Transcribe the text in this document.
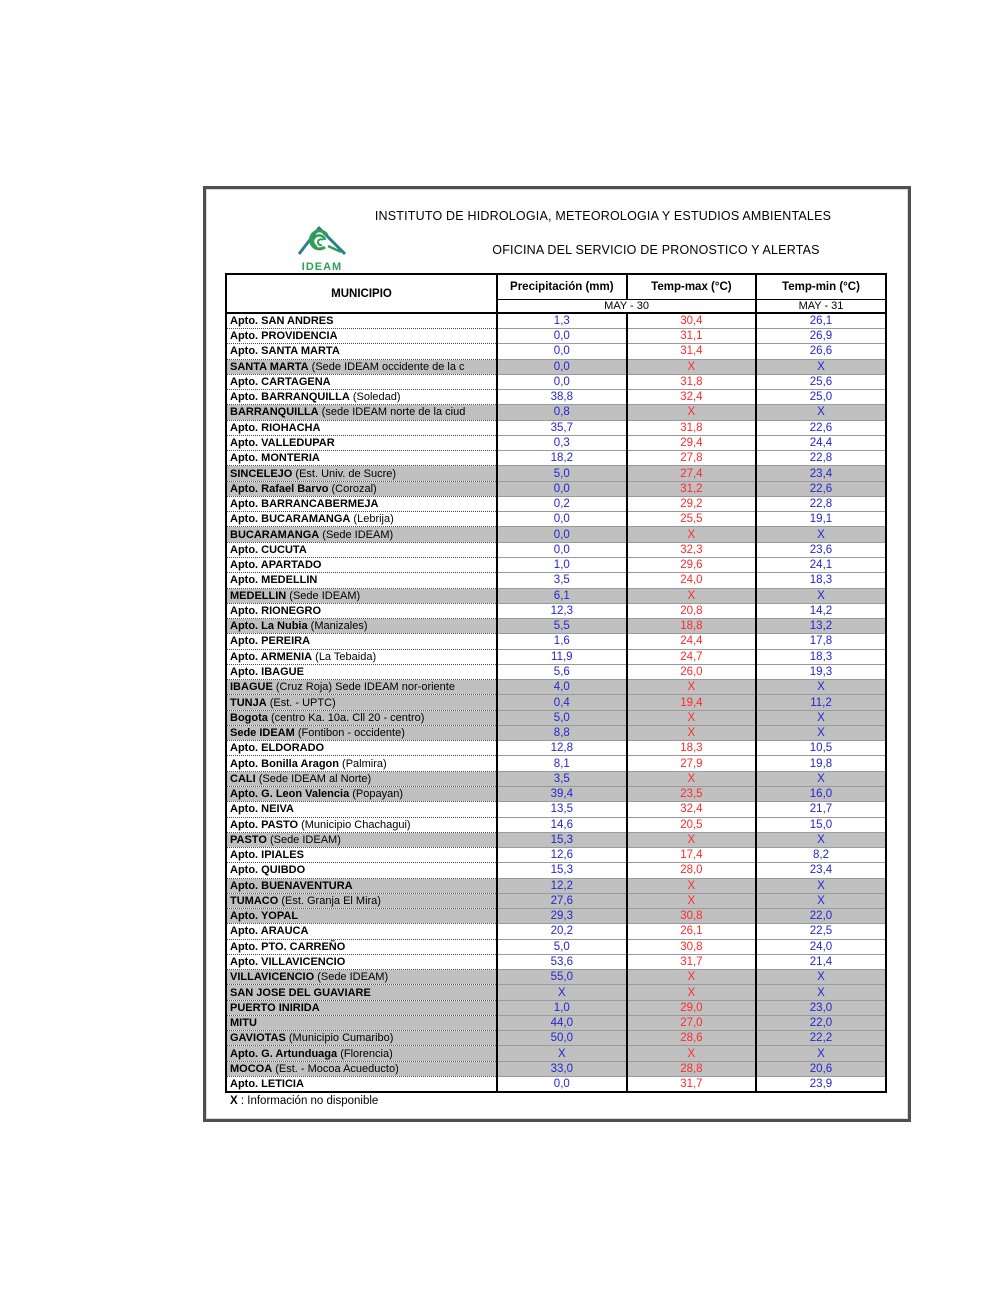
INSTITUTO DE HIDROLOGIA, METEOROLOGIA Y ESTUDIOS AMBIENTALES
IDEAM
OFICINA DEL SERVICIO DE PRONOSTICO Y ALERTAS
MUNICIPIO	Precipitación (mm)	Temp-max (°C)	Temp-min (°C)
	MAY - 30		MAY - 31
Apto. SAN ANDRES	1,3	30,4	26,1
Apto. PROVIDENCIA	0,0	31,1	26,9
Apto. SANTA MARTA	0,0	31,4	26,6
SANTA MARTA (Sede IDEAM occidente de la c	0,0	X	X
Apto. CARTAGENA	0,0	31,8	25,6
Apto. BARRANQUILLA (Soledad)	38,8	32,4	25,0
BARRANQUILLA (sede IDEAM norte de la ciud	0,8	X	X
Apto. RIOHACHA	35,7	31,8	22,6
Apto. VALLEDUPAR	0,3	29,4	24,4
Apto. MONTERIA	18,2	27,8	22,8
SINCELEJO (Est. Univ. de Sucre)	5,0	27,4	23,4
Apto. Rafael Barvo (Corozal)	0,0	31,2	22,6
Apto. BARRANCABERMEJA	0,2	29,2	22,8
Apto. BUCARAMANGA (Lebrija)	0,0	25,5	19,1
BUCARAMANGA (Sede IDEAM)	0,0	X	X
Apto. CUCUTA	0,0	32,3	23,6
Apto. APARTADO	1,0	29,6	24,1
Apto. MEDELLIN	3,5	24,0	18,3
MEDELLIN (Sede IDEAM)	6,1	X	X
Apto. RIONEGRO	12,3	20,8	14,2
Apto. La Nubia (Manizales)	5,5	18,8	13,2
Apto. PEREIRA	1,6	24,4	17,8
Apto. ARMENIA (La Tebaida)	11,9	24,7	18,3
Apto. IBAGUE	5,6	26,0	19,3
IBAGUE (Cruz Roja) Sede IDEAM nor-oriente	4,0	X	X
TUNJA (Est. - UPTC)	0,4	19,4	11,2
Bogota (centro Ka. 10a. Cll 20 - centro)	5,0	X	X
Sede IDEAM (Fontibon - occidente)	8,8	X	X
Apto. ELDORADO	12,8	18,3	10,5
Apto. Bonilla Aragon (Palmira)	8,1	27,9	19,8
CALI (Sede IDEAM al Norte)	3,5	X	X
Apto. G. Leon Valencia (Popayan)	39,4	23,5	16,0
Apto. NEIVA	13,5	32,4	21,7
Apto. PASTO (Municipio Chachagui)	14,6	20,5	15,0
PASTO (Sede IDEAM)	15,3	X	X
Apto. IPIALES	12,6	17,4	8,2
Apto. QUIBDO	15,3	28,0	23,4
Apto. BUENAVENTURA	12,2	X	X
TUMACO (Est. Granja El Mira)	27,6	X	X
Apto. YOPAL	29,3	30,8	22,0
Apto. ARAUCA	20,2	26,1	22,5
Apto. PTO. CARREÑO	5,0	30,8	24,0
Apto. VILLAVICENCIO	53,6	31,7	21,4
VILLAVICENCIO (Sede IDEAM)	55,0	X	X
SAN JOSE DEL GUAVIARE	X	X	X
PUERTO INIRIDA	1,0	29,0	23,0
MITU	44,0	27,0	22,0
GAVIOTAS (Municipio Cumaribo)	50,0	28,6	22,2
Apto. G. Artunduaga (Florencia)	X	X	X
MOCOA (Est. - Mocoa Acueducto)	33,0	28,8	20,6
Apto. LETICIA	0,0	31,7	23,9
X : Información no disponible
